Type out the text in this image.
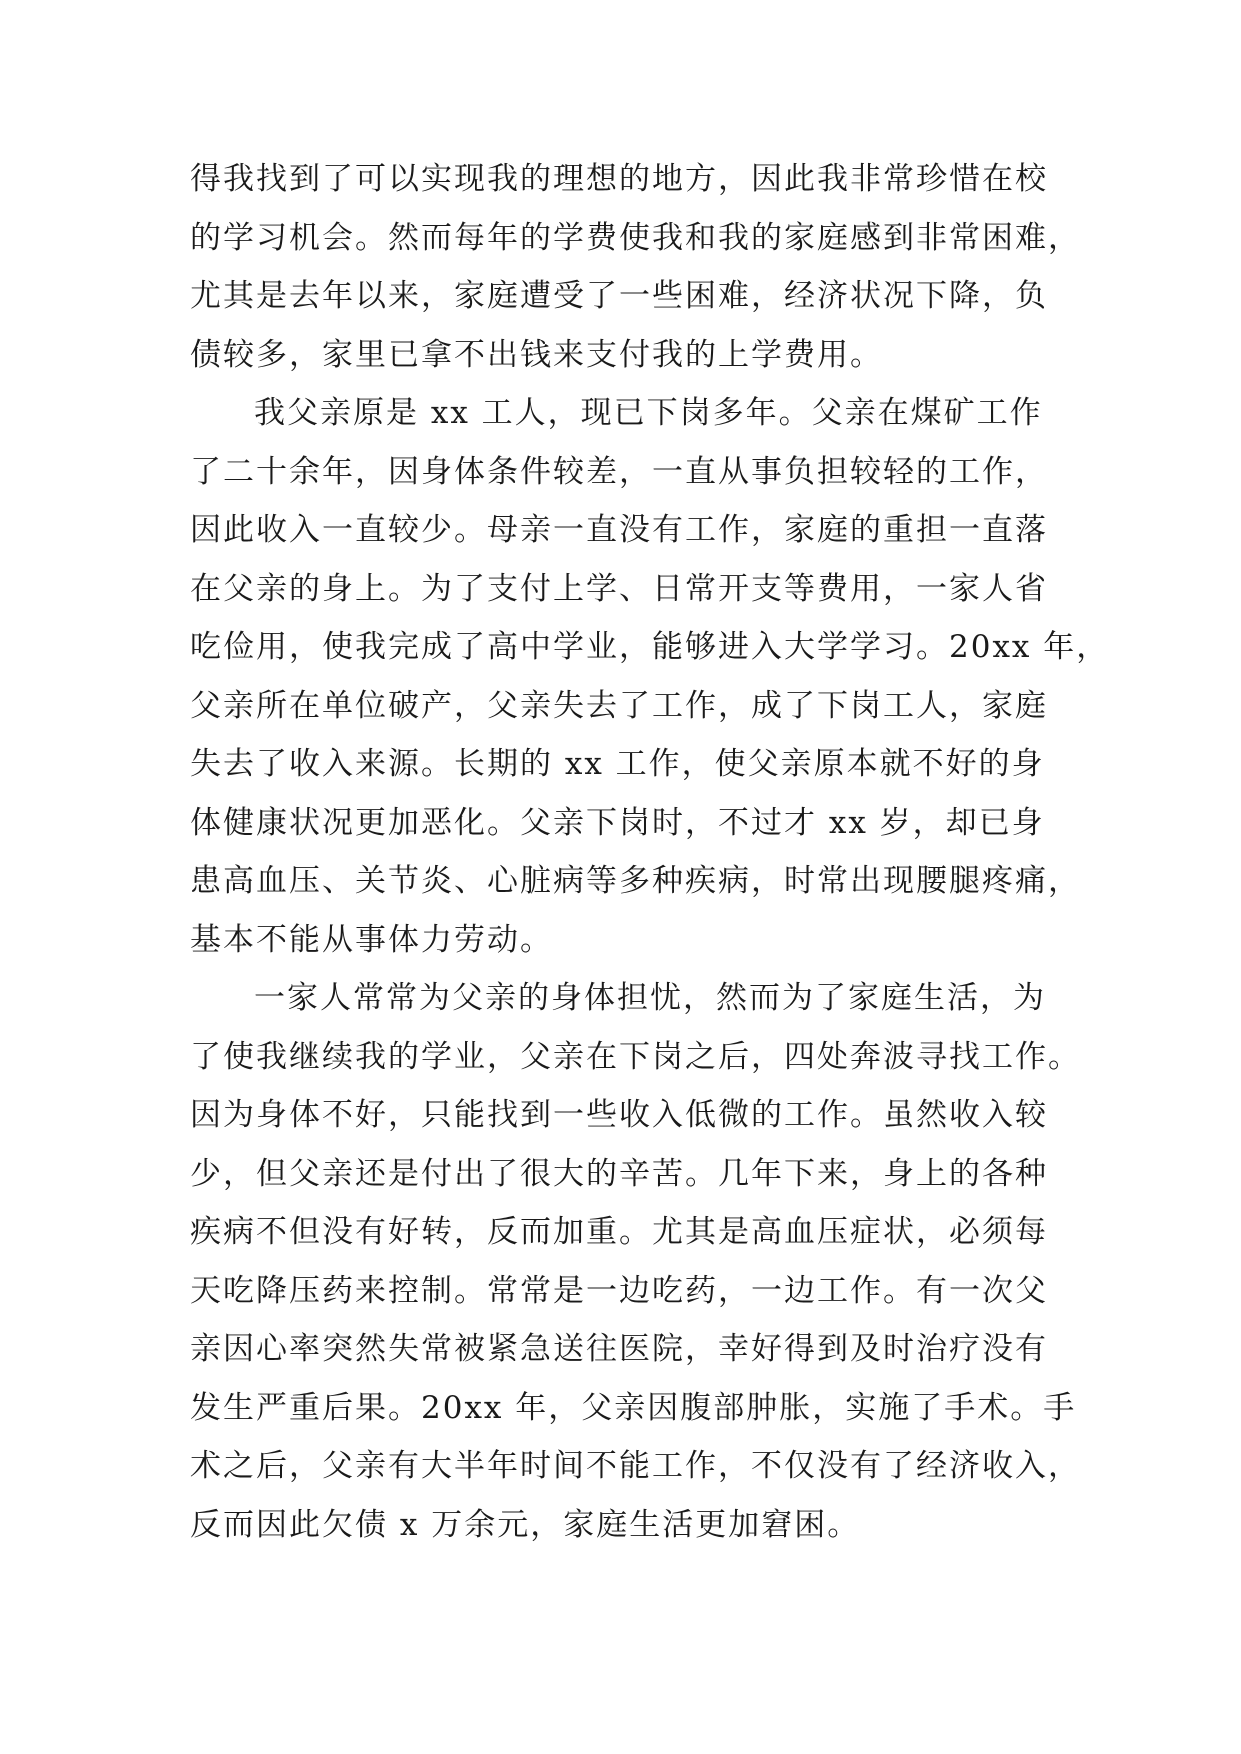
得我找到了可以实现我的理想的地方，因此我非常珍惜在校
的学习机会。然而每年的学费使我和我的家庭感到非常困难，
尤其是去年以来，家庭遭受了一些困难，经济状况下降，负
债较多，家里已拿不出钱来支付我的上学费用。
我父亲原是 xx 工人，现已下岗多年。父亲在煤矿工作
了二十余年，因身体条件较差，一直从事负担较轻的工作，
因此收入一直较少。母亲一直没有工作，家庭的重担一直落
在父亲的身上。为了支付上学、日常开支等费用，一家人省
吃俭用，使我完成了高中学业，能够进入大学学习。20xx 年，
父亲所在单位破产，父亲失去了工作，成了下岗工人，家庭
失去了收入来源。长期的 xx 工作，使父亲原本就不好的身
体健康状况更加恶化。父亲下岗时，不过才 xx 岁，却已身
患高血压、关节炎、心脏病等多种疾病，时常出现腰腿疼痛，
基本不能从事体力劳动。
一家人常常为父亲的身体担忧，然而为了家庭生活，为
了使我继续我的学业，父亲在下岗之后，四处奔波寻找工作。
因为身体不好，只能找到一些收入低微的工作。虽然收入较
少，但父亲还是付出了很大的辛苦。几年下来，身上的各种
疾病不但没有好转，反而加重。尤其是高血压症状，必须每
天吃降压药来控制。常常是一边吃药，一边工作。有一次父
亲因心率突然失常被紧急送往医院，幸好得到及时治疗没有
发生严重后果。20xx 年，父亲因腹部肿胀，实施了手术。手
术之后，父亲有大半年时间不能工作，不仅没有了经济收入，
反而因此欠债 x 万余元，家庭生活更加窘困。
